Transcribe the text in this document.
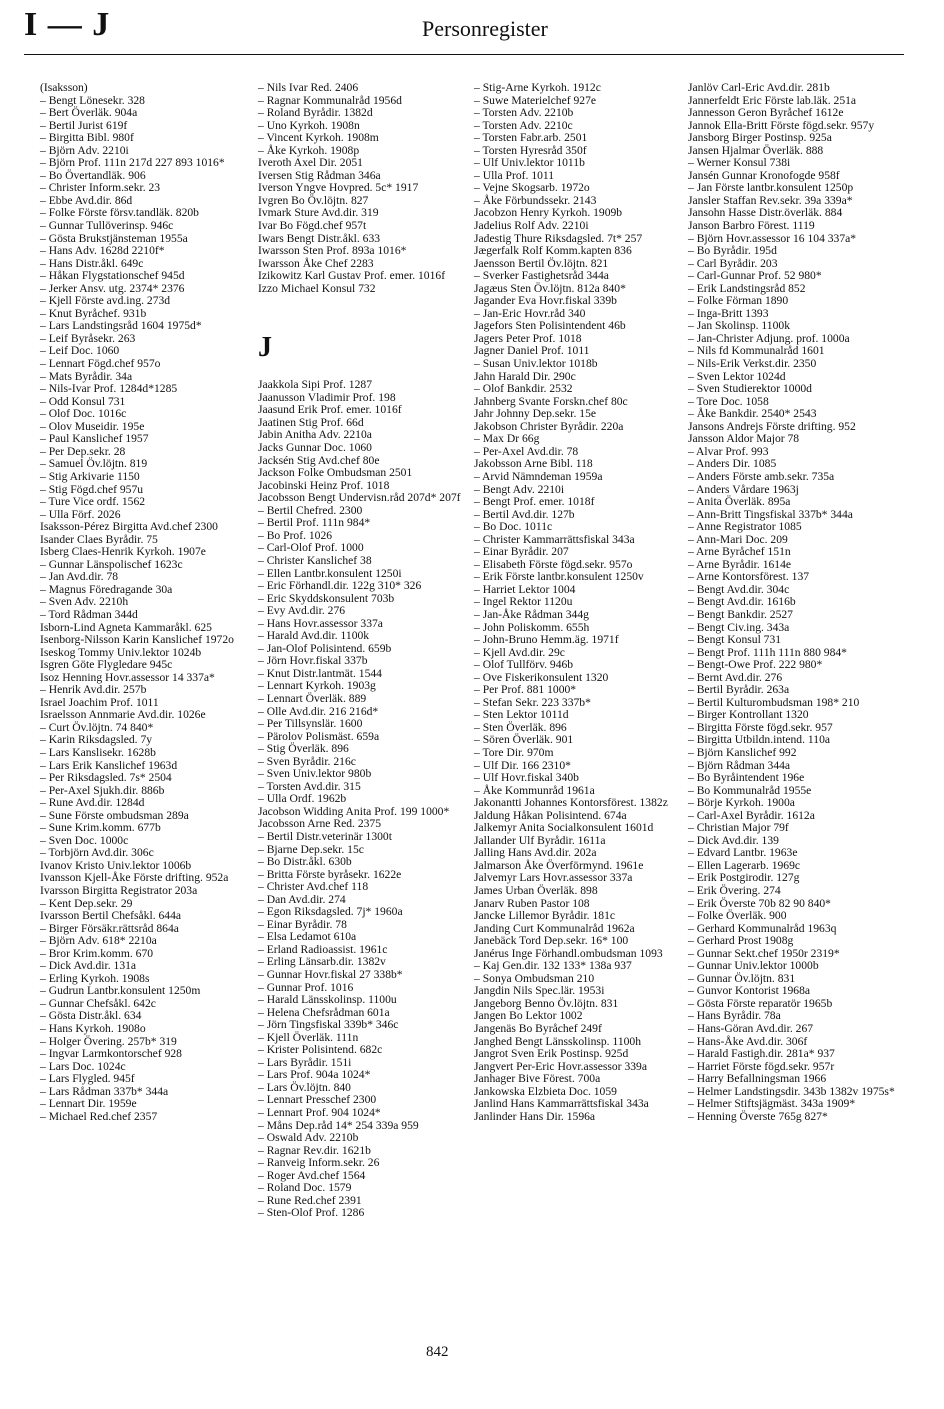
I — J	Personregister
(Isaksson)
– Bengt Lönesekr. 328
– Bert Överläk. 904a
– Bertil Jurist 619f
– Birgitta Bibl. 980f
– Björn Adv. 2210i
– Björn Prof. 111n 217d 227 893 1016*
– Bo Övertandläk. 906
– Christer Inform.sekr. 23
– Ebbe Avd.dir. 86d
– Folke Förste försv.tandläk. 820b
– Gunnar Tullöverinsp. 946c
– Gösta Brukstjänsteman 1955a
– Hans Adv. 1628d 2210f*
– Hans Distr.åkl. 649c
– Håkan Flygstationschef 945d
– Jerker Ansv. utg. 2374* 2376
– Kjell Förste avd.ing. 273d
– Knut Byråchef. 931b
– Lars Landstingsråd 1604 1975d*
– Leif Byråsekr. 263
– Leif Doc. 1060
– Lennart Fögd.chef 957o
– Mats Byrådir. 34a
– Nils-Ivar Prof. 1284d*1285
– Odd Konsul 731
– Olof Doc. 1016c
– Olov Museidir. 195e
– Paul Kanslichef 1957
– Per Dep.sekr. 28
– Samuel Öv.löjtn. 819
– Stig Arkivarie 1150
– Stig Fögd.chef 957u
– Ture Vice ordf. 1562
– Ulla Förf. 2026
Isaksson-Pérez Birgitta Avd.chef 2300
Isander Claes Byrådir. 75
Isberg Claes-Henrik Kyrkoh. 1907e
– Gunnar Länspolischef 1623c
– Jan Avd.dir. 78
– Magnus Föredragande 30a
– Sven Adv. 2210h
– Tord Rådman 344d
Isborn-Lind Agneta Kammaråkl. 625
Isenborg-Nilsson Karin Kanslichef 1972o
Iseskog Tommy Univ.lektor 1024b
Isgren Göte Flygledare 945c
Isoz Henning Hovr.assessor 14 337a*
– Henrik Avd.dir. 257b
Israel Joachim Prof. 1011
Israelsson Annmarie Avd.dir. 1026e
– Curt Öv.löjtn. 74 840*
– Karin Riksdagsled. 7y
– Lars Kanslisekr. 1628b
– Lars Erik Kanslichef 1963d
– Per Riksdagsled. 7s* 2504
– Per-Axel Sjukh.dir. 886b
– Rune Avd.dir. 1284d
– Sune Förste ombudsman 289a
– Sune Krim.komm. 677b
– Sven Doc. 1000c
– Torbjörn Avd.dir. 306c
Ivanov Kristo Univ.lektor 1006b
Ivansson Kjell-Åke Förste drifting. 952a
Ivarsson Birgitta Registrator 203a
– Kent Dep.sekr. 29
Ivarsson Bertil Chefsåkl. 644a
– Birger Försäkr.rättsråd 864a
– Björn Adv. 618* 2210a
– Bror Krim.komm. 670
– Dick Avd.dir. 131a
– Erling Kyrkoh. 1908s
– Gudrun Lantbr.konsulent 1250m
– Gunnar Chefsåkl. 642c
– Gösta Distr.åkl. 634
– Hans Kyrkoh. 1908o
– Holger Övering. 257b* 319
– Ingvar Larmkontorschef 928
– Lars Doc. 1024c
– Lars Flygled. 945f
– Lars Rådman 337b* 344a
– Lennart Dir. 1959e
– Michael Red.chef 2357
– Nils Ivar Red. 2406
– Ragnar Kommunalråd 1956d
– Roland Byrådir. 1382d
– Uno Kyrkoh. 1908n
– Vincent Kyrkoh. 1908m
– Åke Kyrkoh. 1908p
Iveroth Axel Dir. 2051
Iversen Stig Rådman 346a
Iverson Yngve Hovpred. 5c* 1917
Ivgren Bo Öv.löjtn. 827
Ivmark Sture Avd.dir. 319
Ivar Bo Fögd.chef 957t
Iwars Bengt Distr.åkl. 633
Iwarsson Sten Prof. 893a 1016*
Iwarsson Åke Chef 2283
Izikowitz Karl Gustav Prof. emer. 1016f
Izzo Michael Konsul 732
J
Jaakkola Sipi Prof. 1287
Jaanusson Vladimir Prof. 198
Jaasund Erik Prof. emer. 1016f
Jaatinen Stig Prof. 66d
Jabin Anitha Adv. 2210a
Jacks Gunnar Doc. 1060
Jacksén Stig Avd.chef 80e
Jackson Folke Ombudsman 2501
Jacobinski Heinz Prof. 1018
Jacobsson Bengt Undervisn.råd 207d* 207f
– Bertil Chefred. 2300
– Bertil Prof. 111n 984*
– Bo Prof. 1026
– Carl-Olof Prof. 1000
– Christer Kanslichef 38
– Ellen Lantbr.konsulent 1250i
– Eric Förhandl.dir. 122g 310* 326
– Eric Skyddskonsulent 703b
– Evy Avd.dir. 276
– Hans Hovr.assessor 337a
– Harald Avd.dir. 1100k
– Jan-Olof Polisintend. 659b
– Jörn Hovr.fiskal 337b
– Knut Distr.lantmät. 1544
– Lennart Kyrkoh. 1903g
– Lennart Överläk. 889
– Olle Avd.dir. 216 216d*
– Per Tillsynslär. 1600
– Pärolov Polismäst. 659a
– Stig Överläk. 896
– Sven Byrådir. 216c
– Sven Univ.lektor 980b
– Torsten Avd.dir. 315
– Ulla Ordf. 1962b
Jacobson Widding Anita Prof. 199 1000*
Jacobsson Arne Red. 2375
– Bertil Distr.veterinär 1300t
– Bjarne Dep.sekr. 15c
– Bo Distr.åkl. 630b
– Britta Förste byråsekr. 1622e
– Christer Avd.chef 118
– Dan Avd.dir. 274
– Egon Riksdagsled. 7j* 1960a
– Einar Byrådir. 78
– Elsa Ledamot 610a
– Erland Radioassist. 1961c
– Erling Länsarb.dir. 1382v
– Gunnar Hovr.fiskal 27 338b*
– Gunnar Prof. 1016
– Harald Länsskolinsp. 1100u
– Helena Chefsrådman 601a
– Jörn Tingsfiskal 339b* 346c
– Kjell Överläk. 111n
– Krister Polisintend. 682c
– Lars Byrådir. 151i
– Lars Prof. 904a 1024*
– Lars Öv.löjtn. 840
– Lennart Presschef 2300
– Lennart Prof. 904 1024*
– Måns Dep.råd 14* 254 339a 959
– Oswald Adv. 2210b
– Ragnar Rev.dir. 1621b
– Ranveig Inform.sekr. 26
– Roger Avd.chef 1564
– Roland Doc. 1579
– Rune Red.chef 2391
– Sten-Olof Prof. 1286
– Stig-Arne Kyrkoh. 1912c
– Suwe Materielchef 927e
– Torsten Adv. 2210b
– Torsten Adv. 2210c
– Torsten Fabr.arb. 2501
– Torsten Hyresråd 350f
– Ulf Univ.lektor 1011b
– Ulla Prof. 1011
– Vejne Skogsarb. 1972o
– Åke Förbundssekr. 2143
Jacobzon Henry Kyrkoh. 1909b
Jadelius Rolf Adv. 2210i
Jadestig Thure Riksdagsled. 7t* 257
Jægerfalk Rolf Komm.kapten 836
Jaensson Bertil Öv.löjtn. 821
– Sverker Fastighetsråd 344a
Jagæus Sten Öv.löjtn. 812a 840*
Jagander Eva Hovr.fiskal 339b
– Jan-Eric Hovr.råd 340
Jagefors Sten Polisintendent 46b
Jagers Peter Prof. 1018
Jagner Daniel Prof. 1011
– Susan Univ.lektor 1018b
Jahn Harald Dir. 290c
– Olof Bankdir. 2532
Jahnberg Svante Forskn.chef 80c
Jahr Johnny Dep.sekr. 15e
Jakobson Christer Byrådir. 220a
– Max Dr 66g
– Per-Axel Avd.dir. 78
Jakobsson Arne Bibl. 118
– Arvid Nämndeman 1959a
– Bengt Adv. 2210i
– Bengt Prof. emer. 1018f
– Bertil Avd.dir. 127b
– Bo Doc. 1011c
– Christer Kammarrättsfiskal 343a
– Einar Byrådir. 207
– Elisabeth Förste fögd.sekr. 957o
– Erik Förste lantbr.konsulent 1250v
– Harriet Lektor 1004
– Ingel Rektor 1120u
– Jan-Åke Rådman 344g
– John Poliskomm. 655h
– John-Bruno Hemm.äg. 1971f
– Kjell Avd.dir. 29c
– Olof Tullförv. 946b
– Ove Fiskerikonsulent 1320
– Per Prof. 881 1000*
– Stefan Sekr. 223 337b*
– Sten Lektor 1011d
– Sten Överläk. 896
– Sören Överläk. 901
– Tore Dir. 970m
– Ulf Dir. 166 2310*
– Ulf Hovr.fiskal 340b
– Åke Kommunråd 1961a
Jakonantti Johannes Kontorsförest. 1382z
Jaldung Håkan Polisintend. 674a
Jalkemyr Anita Socialkonsulent 1601d
Jallander Ulf Byrådir. 1611a
Jalling Hans Avd.dir. 202a
Jalmarson Åke Överförmynd. 1961e
Jalvemyr Lars Hovr.assessor 337a
James Urban Överläk. 898
Janarv Ruben Pastor 108
Jancke Lillemor Byrådir. 181c
Janding Curt Kommunalråd 1962a
Janebäck Tord Dep.sekr. 16* 100
Janérus Inge Förhandl.ombudsman 1093
– Kaj Gen.dir. 132 133* 138a 937
– Sonya Ombudsman 210
Jangdin Nils Spec.lär. 1953i
Jangeborg Benno Öv.löjtn. 831
Jangen Bo Lektor 1002
Jangenäs Bo Byråchef 249f
Janghed Bengt Länsskolinsp. 1100h
Jangrot Sven Erik Postinsp. 925d
Jangvert Per-Eric Hovr.assessor 339a
Janhager Bive Förest. 700a
Jankowska Elzbieta Doc. 1059
Janlind Hans Kammarrättsfiskal 343a
Janlinder Hans Dir. 1596a
Janlöv Carl-Eric Avd.dir. 281b
Jannerfeldt Eric Förste lab.läk. 251a
Jannesson Geron Byråchef 1612e
Jannok Ella-Britt Förste fögd.sekr. 957y
Jansborg Birger Postinsp. 925a
Jansen Hjalmar Överläk. 888
– Werner Konsul 738i
Jansén Gunnar Kronofogde 958f
– Jan Förste lantbr.konsulent 1250p
Jansler Staffan Rev.sekr. 39a 339a*
Jansohn Hasse Distr.överläk. 884
Janson Barbro Förest. 1119
– Björn Hovr.assessor 16 104 337a*
– Bo Byrådir. 195d
– Carl Byrådir. 203
– Carl-Gunnar Prof. 52 980*
– Erik Landstingsråd 852
– Folke Förman 1890
– Inga-Britt 1393
– Jan Skolinsp. 1100k
– Jan-Christer Adjung. prof. 1000a
– Nils fd Kommunalråd 1601
– Nils-Erik Verkst.dir. 2350
– Sven Lektor 1024d
– Sven Studierektor 1000d
– Tore Doc. 1058
– Åke Bankdir. 2540* 2543
Jansons Andrejs Förste drifting. 952
Jansson Aldor Major 78
– Alvar Prof. 993
– Anders Dir. 1085
– Anders Förste amb.sekr. 735a
– Anders Vårdare 1963j
– Anita Överläk. 895a
– Ann-Britt Tingsfiskal 337b* 344a
– Anne Registrator 1085
– Ann-Mari Doc. 209
– Arne Byråchef 151n
– Arne Byrådir. 1614e
– Arne Kontorsförest. 137
– Bengt Avd.dir. 304c
– Bengt Avd.dir. 1616b
– Bengt Bankdir. 2527
– Bengt Civ.ing. 343a
– Bengt Konsul 731
– Bengt Prof. 111h 111n 880 984*
– Bengt-Owe Prof. 222 980*
– Bernt Avd.dir. 276
– Bertil Byrådir. 263a
– Bertil Kulturombudsman 198* 210
– Birger Kontrollant 1320
– Birgitta Förste fögd.sekr. 957
– Birgitta Utbildn.intend. 110a
– Björn Kanslichef 992
– Björn Rådman 344a
– Bo Byråintendent 196e
– Bo Kommunalråd 1955e
– Börje Kyrkoh. 1900a
– Carl-Axel Byrådir. 1612a
– Christian Major 79f
– Dick Avd.dir. 139
– Edvard Lantbr. 1963e
– Ellen Lagerarb. 1969c
– Erik Postgirodir. 127g
– Erik Övering. 274
– Erik Överste 70b 82 90 840*
– Folke Överläk. 900
– Gerhard Kommunalråd 1963q
– Gerhard Prost 1908g
– Gunnar Sekt.chef 1950r 2319*
– Gunnar Univ.lektor 1000b
– Gunnar Öv.löjtn. 831
– Gunvor Kontorist 1968a
– Gösta Förste reparatör 1965b
– Hans Byrådir. 78a
– Hans-Göran Avd.dir. 267
– Hans-Åke Avd.dir. 306f
– Harald Fastigh.dir. 281a* 937
– Harriet Förste fögd.sekr. 957r
– Harry Befallningsman 1966
– Helmer Landstingsdir. 343b 1382v 1975s*
– Helmer Stiftsjägmäst. 343a 1909*
– Henning Överste 765g 827*
842
